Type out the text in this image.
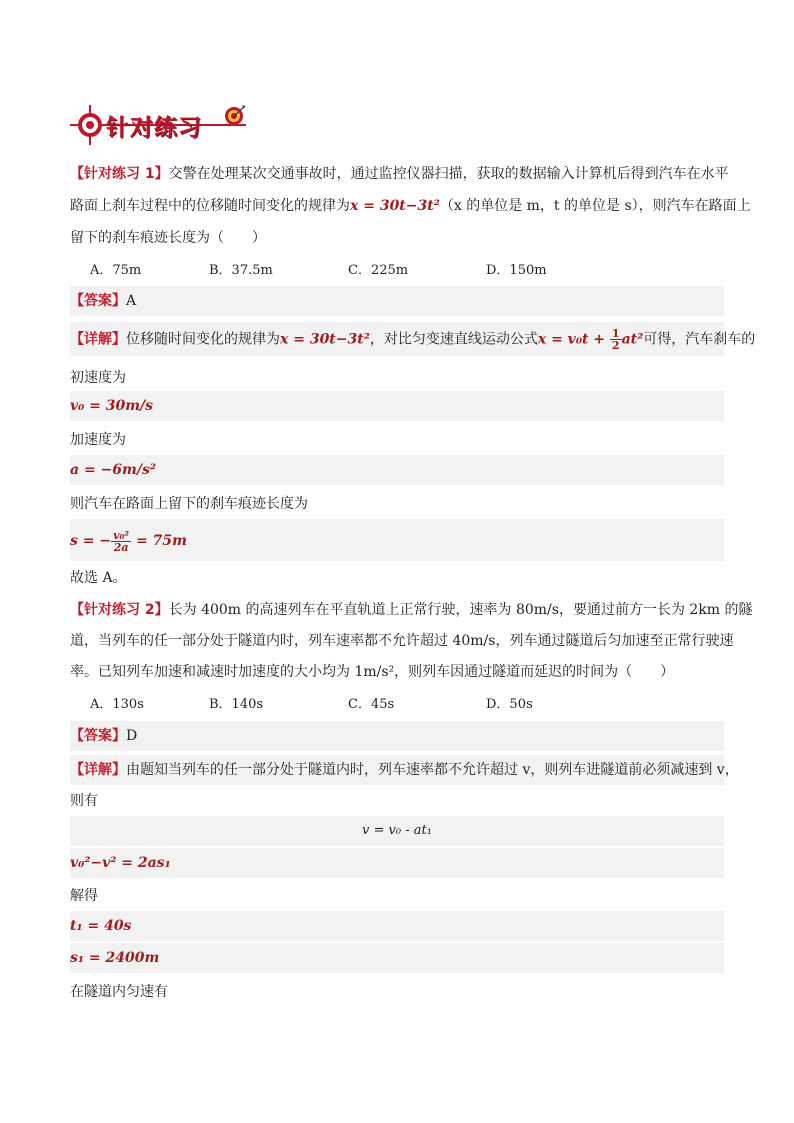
针对练习
【针对练习 1】交警在处理某次交通事故时，通过监控仪器扫描，获取的数据输入计算机后得到汽车在水平
路面上刹车过程中的位移随时间变化的规律为x = 30t−3t²（x 的单位是 m，t 的单位是 s），则汽车在路面上
留下的刹车痕迹长度为（　　）
A．75m	B．37.5m	C．225m	D．150m
【答案】A
【详解】位移随时间变化的规律为x = 30t−3t²，对比匀变速直线运动公式$x = v_0t + \frac{1}{2} at^2$可得，汽车刹车的
初速度为
v₀ = 30m/s
加速度为
a = −6m/s²
则汽车在路面上留下的刹车痕迹长度为
s = − $\frac{\text{v₀²}}{2a} = 75m$
故选 A。
【针对练习 2】长为 400m 的高速列车在平直轨道上正常行驶，速率为 80m/s，要通过前方一长为 2km 的隧
道，当列车的任一部分处于隧道内时，列车速率都不允许超过 40m/s，列车通过隧道后匀加速至正常行驶速
率。已知列车加速和减速时加速度的大小均为 1m/s²，则列车因通过隧道而延迟的时间为（　　）
A．130s	B．140s	C．45s	D．50s
【答案】D
【详解】由题知当列车的任一部分处于隧道内时，列车速率都不允许超过 v，则列车进隧道前必须减速到 v，
则有
v = v₀ - at₁
v₀²−v² = 2as₁
解得
t₁ = 40s
s₁ = 2400m
在隧道内匀速有
